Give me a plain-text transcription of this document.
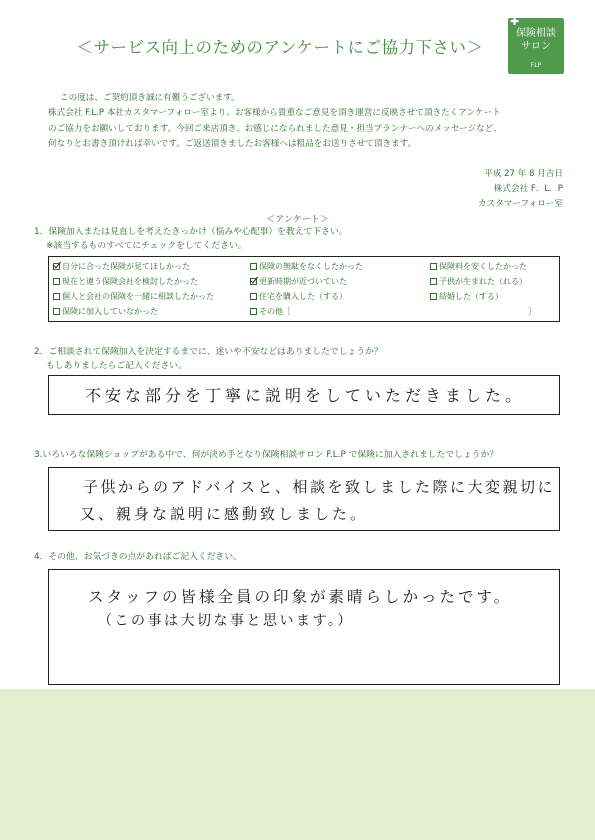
＜サービス向上のためのアンケートにご協力下さい＞
✚
保険相談
サロン
FLP
この度は、ご契約頂き誠に有難うございます。
株式会社 F.L.P 本社カスタマーフォロー室より、お客様から貴重なご意見を頂き運営に反映させて頂きたくアンケート
のご協力をお願いしております。今回ご来店頂き、お感じになられました意見・担当プランナーへのメッセージなど、
何なりとお書き頂ければ幸いです。ご返送頂きましたお客様へは粗品をお送りさせて頂きます。
平成 27 年 8 月吉日
株式会社 F．L．P
カスタマーフォロー室
＜アンケート＞
1．保険加入または見直しを考えたきっかけ（悩みや心配事）を教えて下さい。
※該当するものすべてにチェックをしてください。
自分に合った保険が見てほしかった	保険の無駄をなくしたかった	保険料を安くしたかった
現在と違う保険会社を検討したかった	更新時期が近づいていた	子供が生まれた（れる）
個人と会社の保険を一緒に相談したかった	住宅を購入した（する）	結婚した（する）
保険に加入していなかった	その他［	］
2．ご相談されて保険加入を決定するまでに、迷いや不安などはありましたでしょうか？
もしありましたらご記入ください。
不安な部分を丁寧に説明をしていただきました。
3.いろいろな保険ショップがある中で、何が決め手となり保険相談サロン F.L.P で保険に加入されましたでしょうか？
子供からのアドバイスと、相談を致しました際に大変親切に
又、親身な説明に感動致しました。
4．その他、お気づきの点があればご記入ください。
スタッフの皆様全員の印象が素晴らしかったです。
（この事は大切な事と思います。）
